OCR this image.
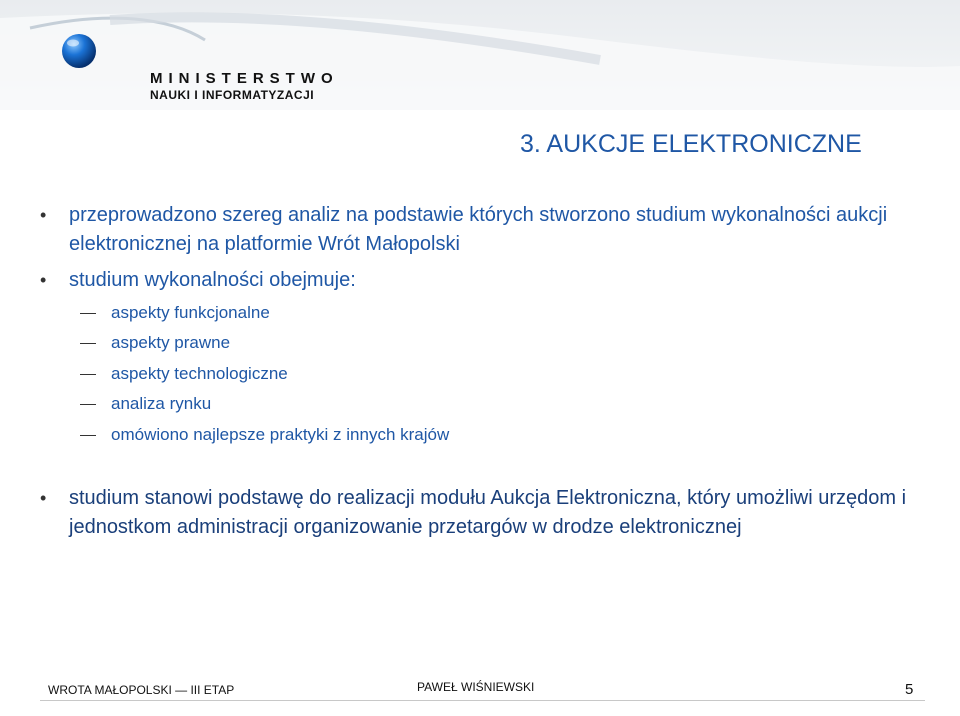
MINISTERSTWO
NAUKI I INFORMATYZACJI
3. AUKCJE ELEKTRONICZNE
• przeprowadzono szereg analiz na podstawie których stworzono studium wykonalności aukcji elektronicznej na platformie Wrót Małopolski
• studium wykonalności obejmuje:
aspekty funkcjonalne
aspekty prawne
aspekty technologiczne
analiza rynku
omówiono najlepsze praktyki z innych krajów
• studium stanowi podstawę do realizacji modułu Aukcja Elektroniczna, który umożliwi urzędom i jednostkom administracji organizowanie przetargów w drodze elektronicznej
WROTA MAŁOPOLSKI — III ETAP	PAWEŁ WIŚNIEWSKI	5
